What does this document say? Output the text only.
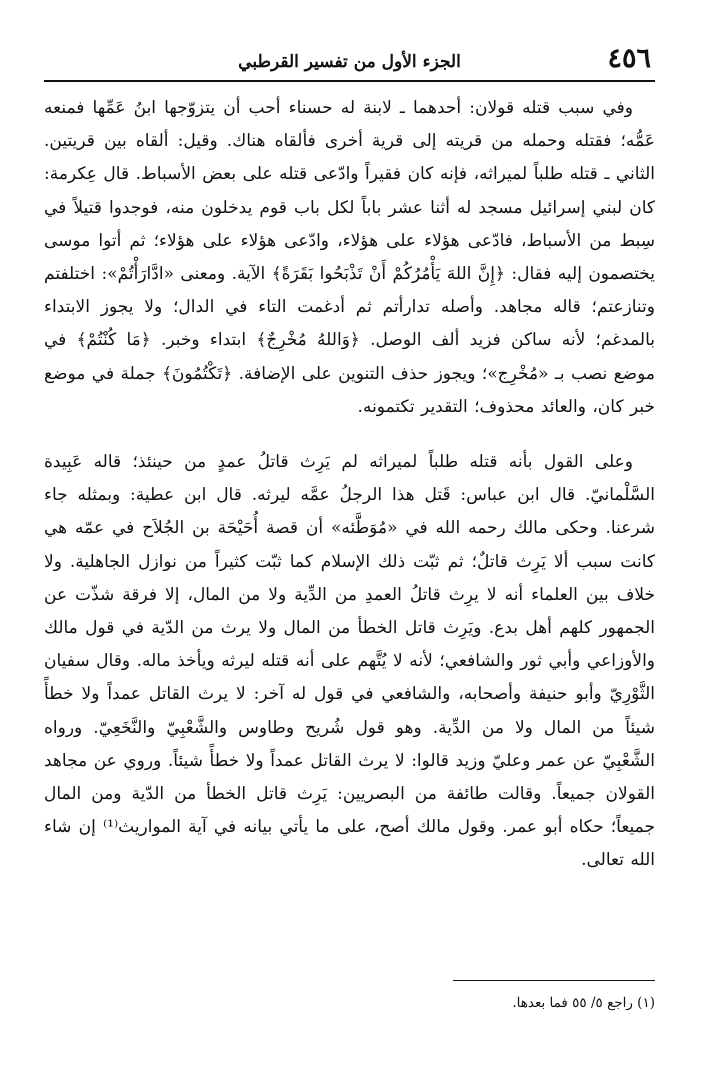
٤٥٦
الجزء الأول من تفسير القرطبي

وفي سبب قتله قولان: أحدهما ـ لابنة له حسناء أحب أن يتزوّجها ابنُ عَمِّها فمنعه عَمُّه؛ فقتله وحمله من قريته إلى قرية أخرى فألقاه هناك. وقيل: ألقاه بين قريتين. الثاني ـ قتله طلباً لميراثه، فإنه كان فقيراً وادّعى قتله على بعض الأسباط. قال عِكرمة: كان لبني إسرائيل مسجد له أثنا عشر باباً لكل باب قوم يدخلون منه، فوجدوا قتيلاً في سِبط من الأسباط، فادّعى هؤلاء على هؤلاء، وادّعى هؤلاء على هؤلاء؛ ثم أتوا موسى يختصمون إليه فقال: ﴿إِنَّ اللهَ يَأْمُرُكُمْ أَنْ تَذْبَحُوا بَقَرَةً﴾ الآية. ومعنى «ادَّارَأْتُمْ»: اختلفتم وتنازعتم؛ قاله مجاهد. وأصله تدارأتم ثم أدغمت التاء في الدال؛ ولا يجوز الابتداء بالمدغم؛ لأنه ساكن فزيد ألف الوصل. ﴿وَاللهُ مُخْرِجٌ﴾ ابتداء وخبر. ﴿مَا كُنْتُمْ﴾ في موضع نصب بـ «مُخْرِج»؛ ويجوز حذف التنوين على الإضافة. ﴿تَكْتُمُونَ﴾ جملة في موضع خبر كان، والعائد محذوف؛ التقدير تكتمونه.

وعلى القول بأنه قتله طلباً لميراثه لم يَرِث قاتلُ عمدٍ من حينئذ؛ قاله عَبِيدة السَّلْمانيّ. قال ابن عباس: قَتل هذا الرجلُ عمَّه ليرثه. قال ابن عطية: وبمثله جاء شرعنا. وحكى مالك رحمه الله في «مُوَطَّئه» أن قصة أُحَيْحَة بن الجُلاَح في عمّه هي كانت سبب ألا يَرِث قاتلٌ؛ ثم ثبّت ذلك الإسلام كما ثبّت كثيراً من نوازل الجاهلية. ولا خلاف بين العلماء أنه لا يرِث قاتلُ العمدِ من الدِّية ولا من المال، إلا فرقة شذّت عن الجمهور كلهم أهل بدع. ويَرِث قاتل الخطأ من المال ولا يرث من الدّية في قول مالك والأوزاعي وأبي ثور والشافعي؛ لأنه لا يُتَّهم على أنه قتله ليرثه ويأخذ ماله. وقال سفيان الثَّوْرِيّ وأبو حنيفة وأصحابه، والشافعي في قول له آخر: لا يرث القاتل عمداً ولا خطأً شيئاً من المال ولا من الدِّية. وهو قول شُريح وطاوس والشَّعْبِيّ والنَّخَعِيّ. ورواه الشَّعْبِيّ عن عمر وعليّ وزيد قالوا: لا يرث القاتل عمداً ولا خطأً شيئاً. وروي عن مجاهد القولان جميعاً. وقالت طائفة من البصريين: يَرِث قاتل الخطأ من الدّية ومن المال جميعاً؛ حكاه أبو عمر. وقول مالك أصح، على ما يأتي بيانه في آية المواريث⁽¹⁾ إن شاء الله تعالى.

(١) راجع ٥/ ٥٥ فما بعدها.
